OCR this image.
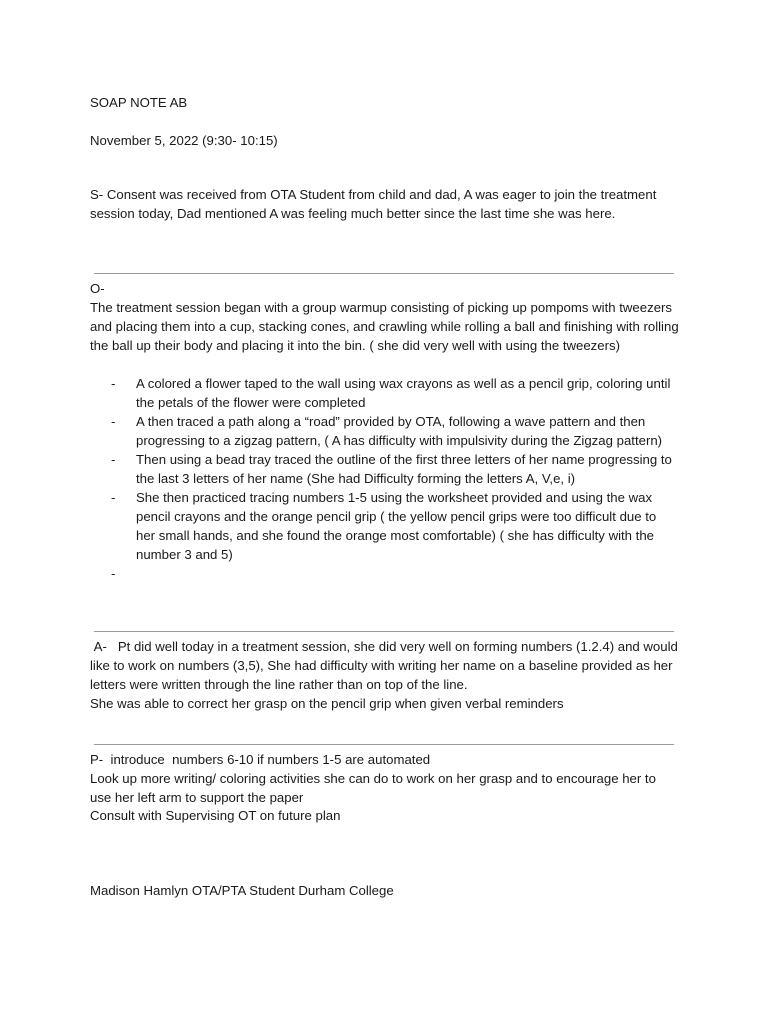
SOAP NOTE AB

November 5, 2022 (9:30- 10:15)

S- Consent was received from OTA Student from child and dad, A was eager to join the treatment session today, Dad mentioned A was feeling much better since the last time she was here.

O-

The treatment session began with a group warmup consisting of picking up pompoms with tweezers and placing them into a cup, stacking cones, and crawling while rolling a ball and finishing with rolling the ball up their body and placing it into the bin. ( she did very well with using the tweezers)

- A colored a flower taped to the wall using wax crayons as well as a pencil grip, coloring until the petals of the flower were completed
- A then traced a path along a “road” provided by OTA, following a wave pattern and then progressing to a zigzag pattern, ( A has difficulty with impulsivity during the Zigzag pattern)
- Then using a bead tray traced the outline of the first three letters of her name progressing to the last 3 letters of her name (She had Difficulty forming the letters A, V,e, i)
- She then practiced tracing numbers 1-5 using the worksheet provided and using the wax pencil crayons and the orange pencil grip ( the yellow pencil grips were too difficult due to her small hands, and she found the orange most comfortable) ( she has difficulty with the number 3 and 5)
-

A-   Pt did well today in a treatment session, she did very well on forming numbers (1.2.4) and would like to work on numbers (3,5), She had difficulty with writing her name on a baseline provided as her letters were written through the line rather than on top of the line.

She was able to correct her grasp on the pencil grip when given verbal reminders

P-  introduce  numbers 6-10 if numbers 1-5 are automated

Look up more writing/ coloring activities she can do to work on her grasp and to encourage her to use her left arm to support the paper

Consult with Supervising OT on future plan

Madison Hamlyn OTA/PTA Student Durham College
